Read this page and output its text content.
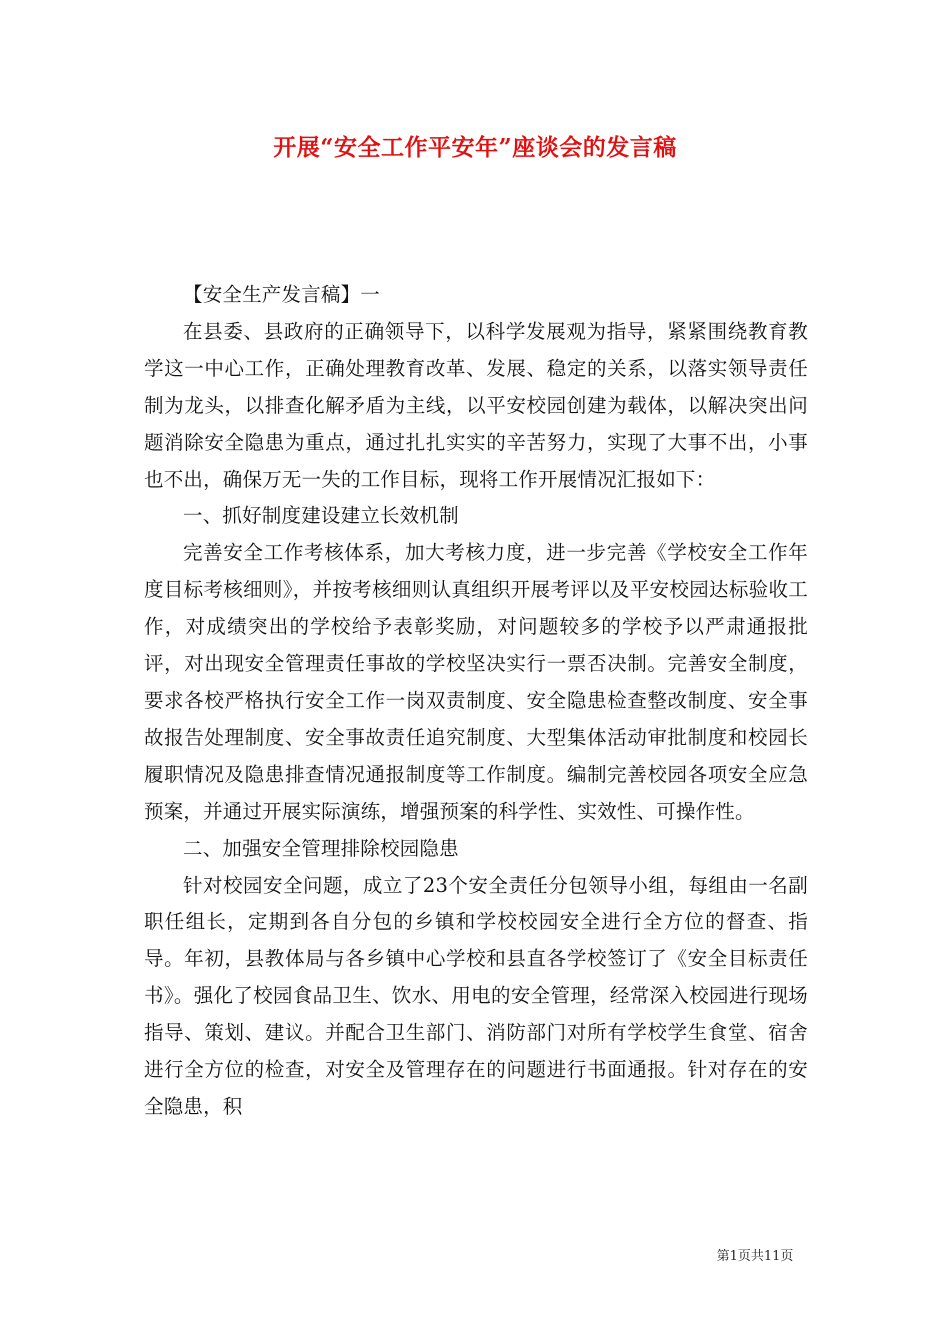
开展“安全工作平安年”座谈会的发言稿

【安全生产发言稿】一

在县委、县政府的正确领导下，以科学发展观为指导，紧紧围绕教育教学这一中心工作，正确处理教育改革、发展、稳定的关系，以落实领导责任制为龙头，以排查化解矛盾为主线，以平安校园创建为载体，以解决突出问题消除安全隐患为重点，通过扎扎实实的辛苦努力，实现了大事不出，小事也不出，确保万无一失的工作目标，现将工作开展情况汇报如下：

一、抓好制度建设建立长效机制

完善安全工作考核体系，加大考核力度，进一步完善《学校安全工作年度目标考核细则》，并按考核细则认真组织开展考评以及平安校园达标验收工作，对成绩突出的学校给予表彰奖励，对问题较多的学校予以严肃通报批评，对出现安全管理责任事故的学校坚决实行一票否决制。完善安全制度，要求各校严格执行安全工作一岗双责制度、安全隐患检查整改制度、安全事故报告处理制度、安全事故责任追究制度、大型集体活动审批制度和校园长履职情况及隐患排查情况通报制度等工作制度。编制完善校园各项安全应急预案，并通过开展实际演练，增强预案的科学性、实效性、可操作性。

二、加强安全管理排除校园隐患

针对校园安全问题，成立了23个安全责任分包领导小组，每组由一名副职任组长，定期到各自分包的乡镇和学校校园安全进行全方位的督查、指导。年初，县教体局与各乡镇中心学校和县直各学校签订了《安全目标责任书》。强化了校园食品卫生、饮水、用电的安全管理，经常深入校园进行现场指导、策划、建议。并配合卫生部门、消防部门对所有学校学生食堂、宿舍进行全方位的检查，对安全及管理存在的问题进行书面通报。针对存在的安全隐患，积

第1页共11页
